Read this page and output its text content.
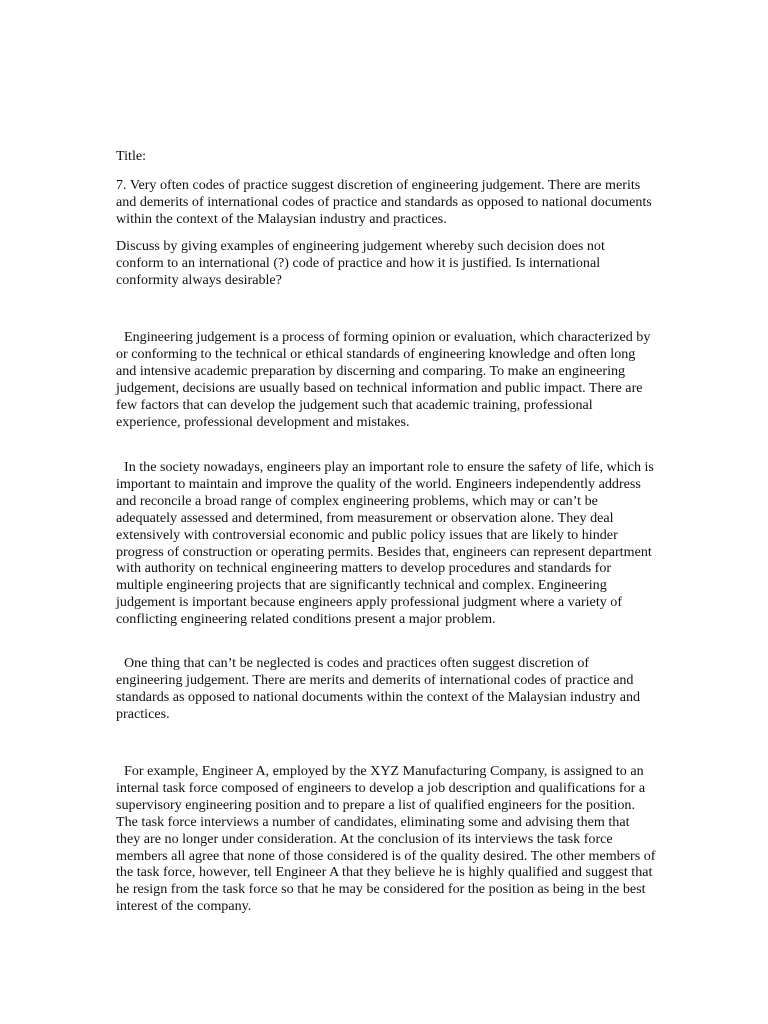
Title:

7. Very often codes of practice suggest discretion of engineering judgement. There are merits and demerits of international codes of practice and standards as opposed to national documents within the context of the Malaysian industry and practices.

Discuss by giving examples of engineering judgement whereby such decision does not conform to an international (?) code of practice and how it is justified. Is international conformity always desirable?

Engineering judgement is a process of forming opinion or evaluation, which characterized by or conforming to the technical or ethical standards of engineering knowledge and often long and intensive academic preparation by discerning and comparing. To make an engineering judgement, decisions are usually based on technical information and public impact. There are few factors that can develop the judgement such that academic training, professional experience, professional development and mistakes.

In the society nowadays, engineers play an important role to ensure the safety of life, which is important to maintain and improve the quality of the world. Engineers independently address and reconcile a broad range of complex engineering problems, which may or can’t be adequately assessed and determined, from measurement or observation alone. They deal extensively with controversial economic and public policy issues that are likely to hinder progress of construction or operating permits. Besides that, engineers can represent department with authority on technical engineering matters to develop procedures and standards for multiple engineering projects that are significantly technical and complex. Engineering judgement is important because engineers apply professional judgment where a variety of conflicting engineering related conditions present a major problem.

One thing that can’t be neglected is codes and practices often suggest discretion of engineering judgement. There are merits and demerits of international codes of practice and standards as opposed to national documents within the context of the Malaysian industry and practices.

For example, Engineer A, employed by the XYZ Manufacturing Company, is assigned to an internal task force composed of engineers to develop a job description and qualifications for a supervisory engineering position and to prepare a list of qualified engineers for the position. The task force interviews a number of candidates, eliminating some and advising them that they are no longer under consideration. At the conclusion of its interviews the task force members all agree that none of those considered is of the quality desired. The other members of the task force, however, tell Engineer A that they believe he is highly qualified and suggest that he resign from the task force so that he may be considered for the position as being in the best interest of the company.
